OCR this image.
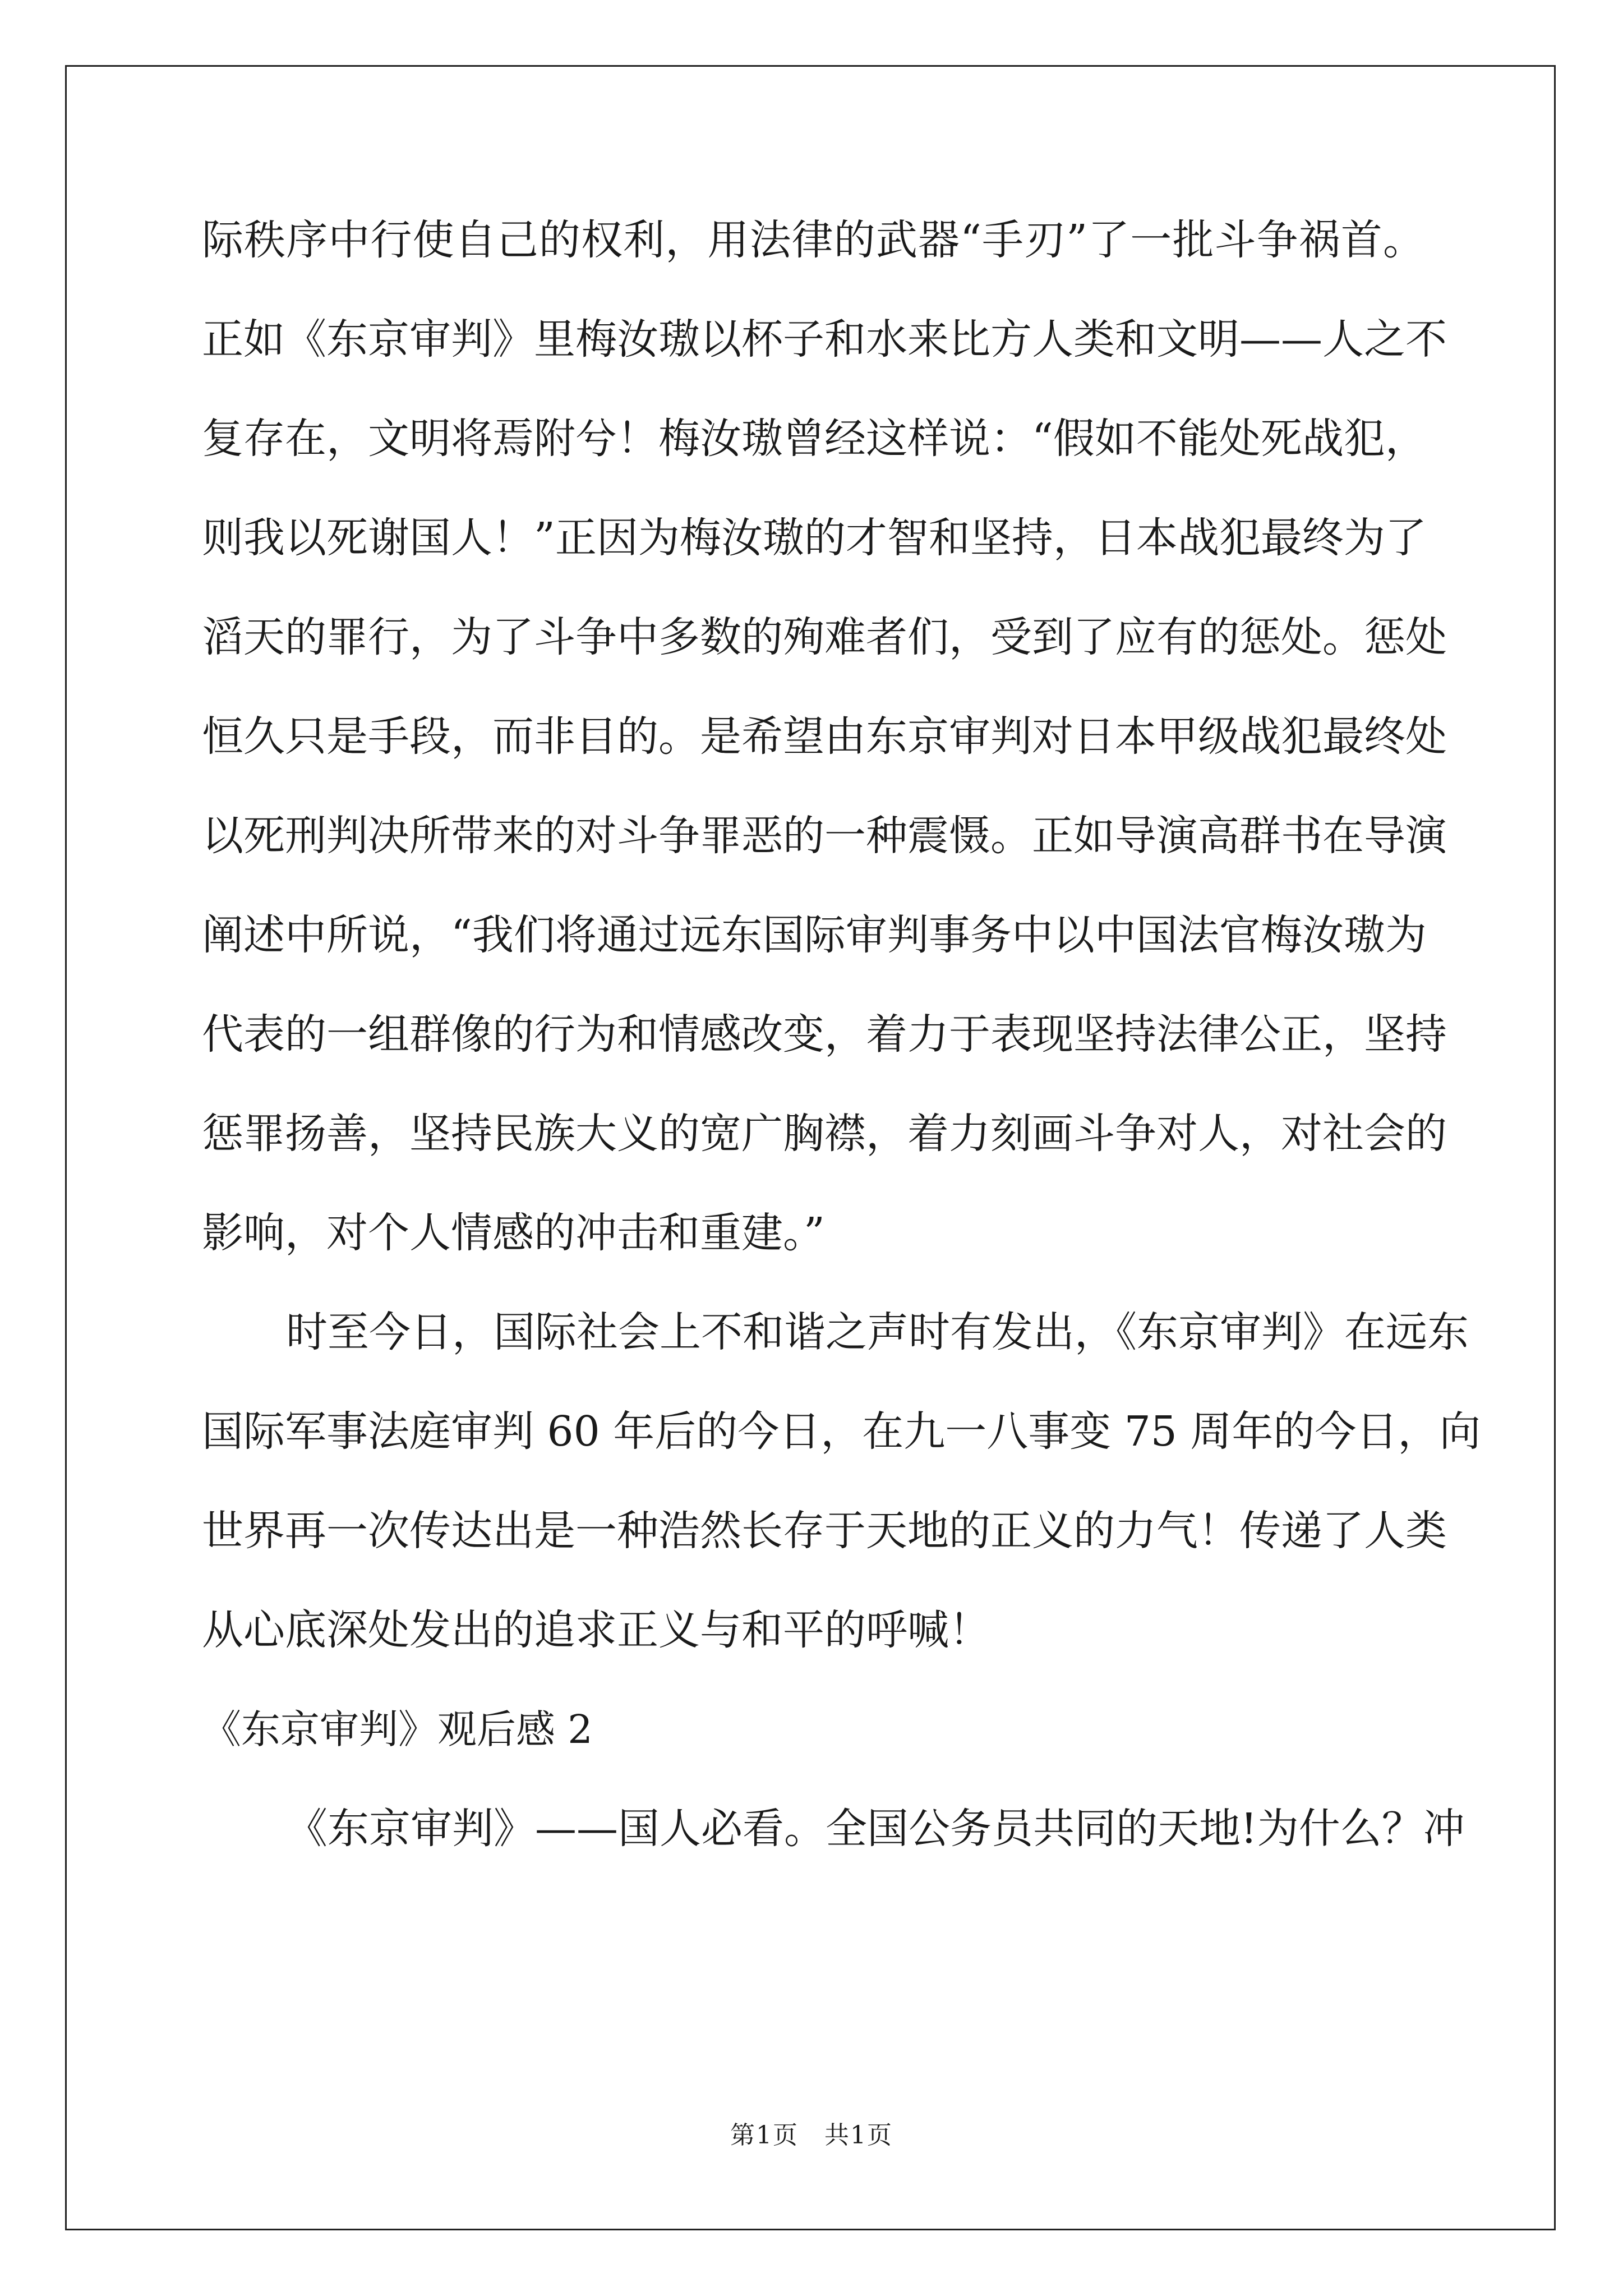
际秩序中行使自己的权利，用法律的武器“手刃”了一批斗争祸首。
正如《东京审判》里梅汝璈以杯子和水来比方人类和文明——人之不
复存在，文明将焉附兮！梅汝璈曾经这样说：“假如不能处死战犯，
则我以死谢国人！”正因为梅汝璈的才智和坚持，日本战犯最终为了
滔天的罪行，为了斗争中多数的殉难者们，受到了应有的惩处。惩处
恒久只是手段，而非目的。是希望由东京审判对日本甲级战犯最终处
以死刑判决所带来的对斗争罪恶的一种震慑。正如导演高群书在导演
阐述中所说，“我们将通过远东国际审判事务中以中国法官梅汝璈为
代表的一组群像的行为和情感改变，着力于表现坚持法律公正，坚持
惩罪扬善，坚持民族大义的宽广胸襟，着力刻画斗争对人，对社会的
影响，对个人情感的冲击和重建。”
时至今日，国际社会上不和谐之声时有发出，《东京审判》在远东
国际军事法庭审判 60 年后的今日，在九一八事变 75 周年的今日，向
世界再一次传达出是一种浩然长存于天地的正义的力气！传递了人类
从心底深处发出的追求正义与和平的呼喊！
《东京审判》观后感 2
《东京审判》——国人必看。全国公务员共同的天地!为什么？冲
第1页　共1页
